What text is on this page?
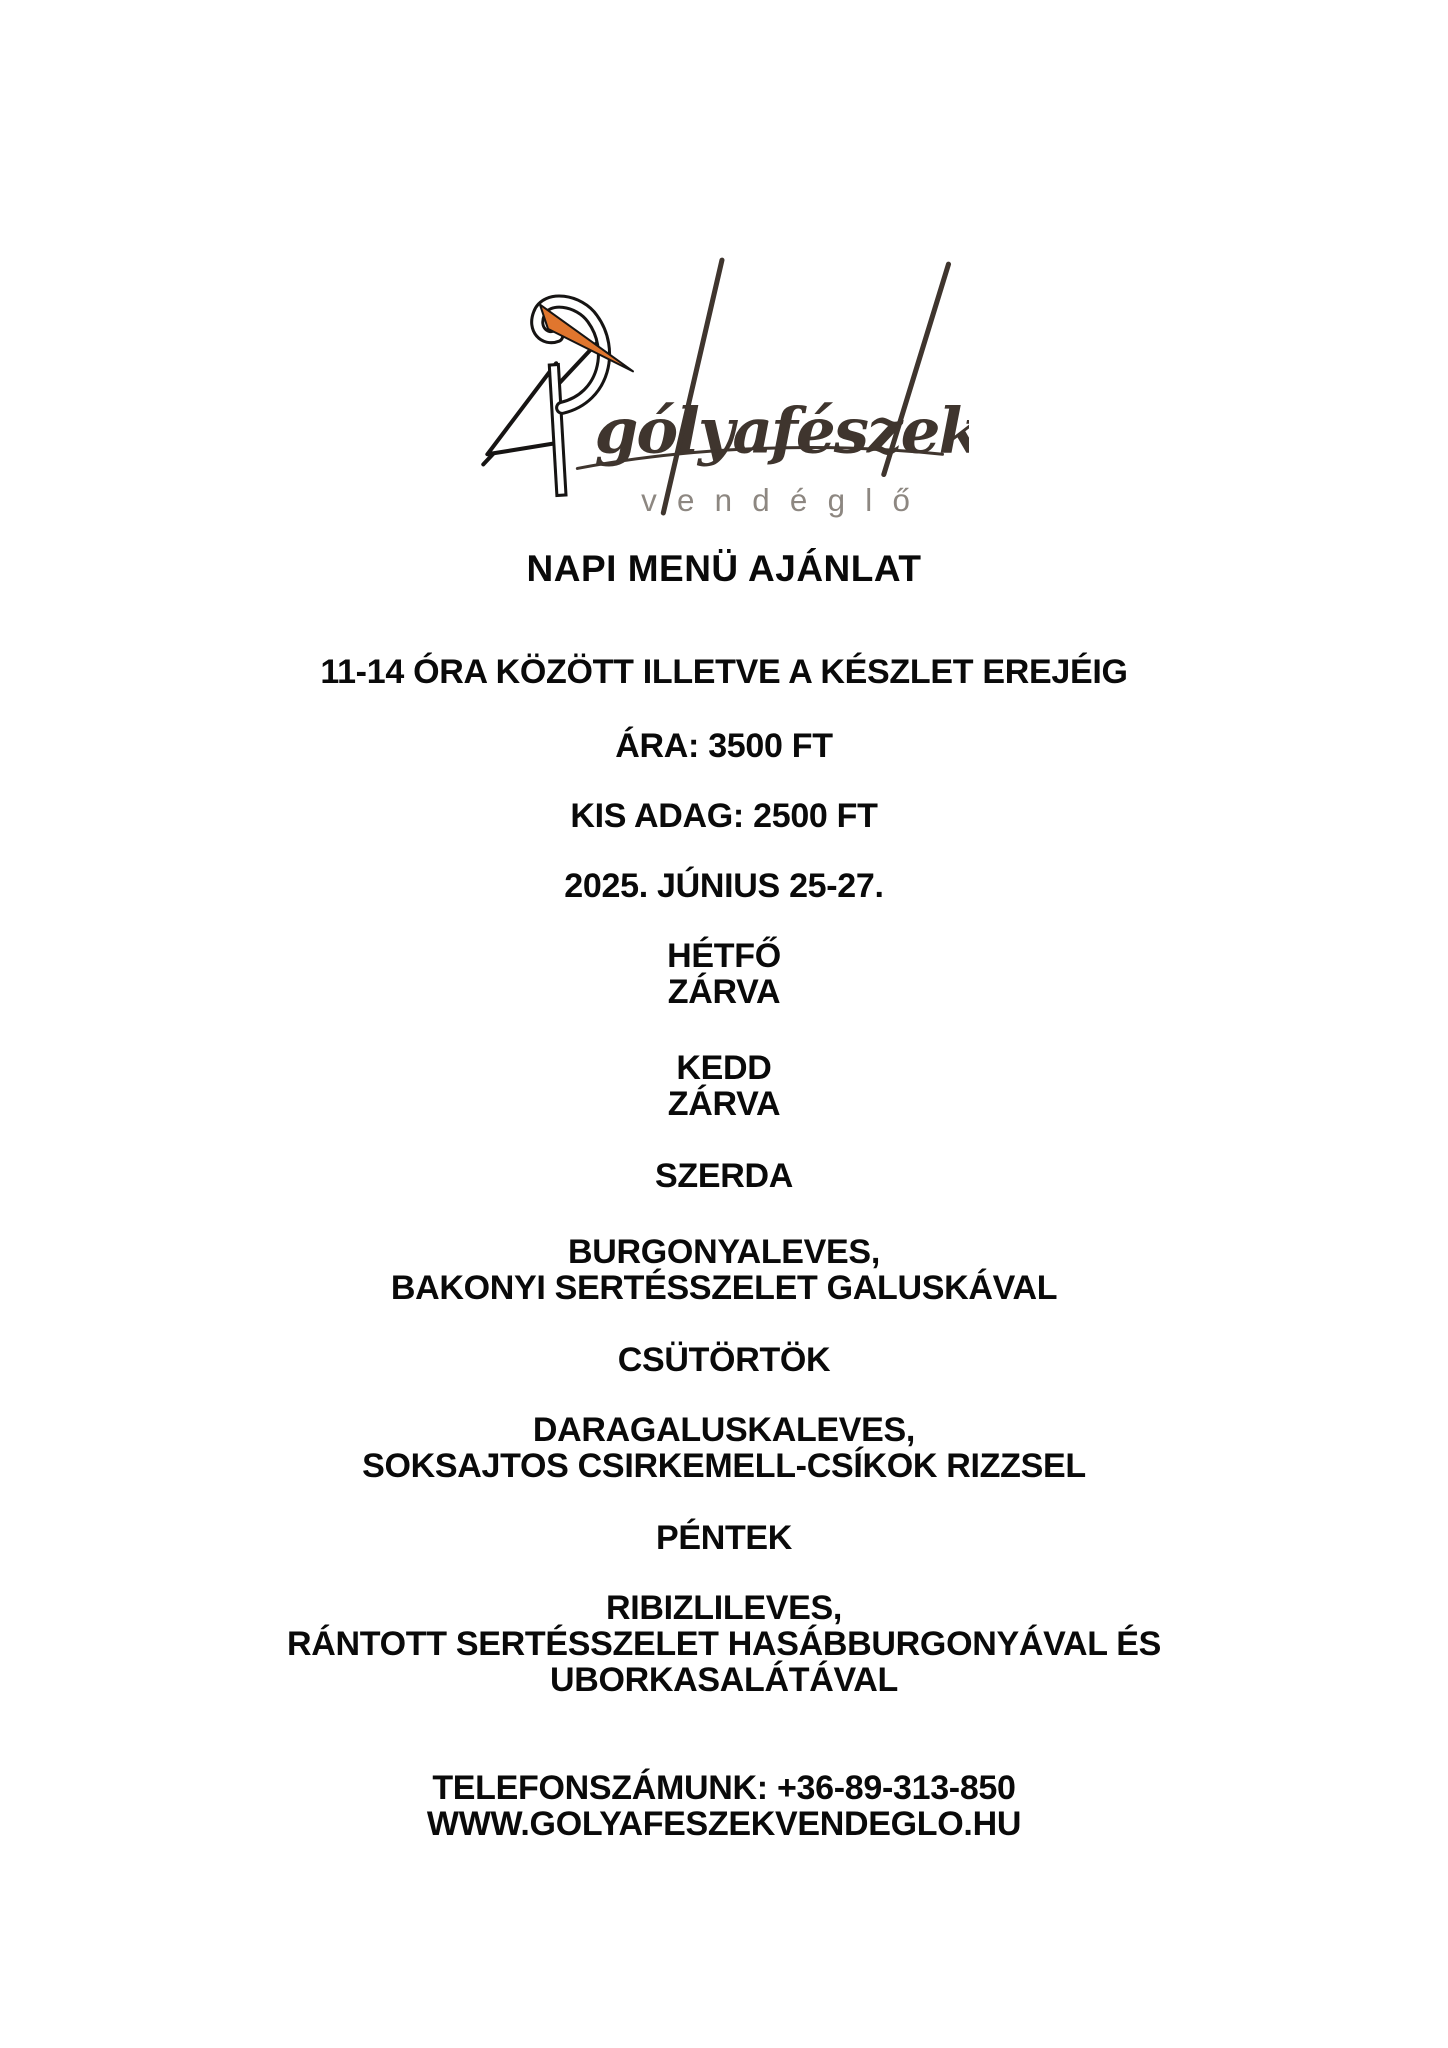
gólyafészek
vendéglő
NAPI MENÜ AJÁNLAT
11-14 ÓRA KÖZÖTT ILLETVE A KÉSZLET EREJÉIG
ÁRA: 3500 FT
KIS ADAG: 2500 FT
2025. JÚNIUS 25-27.
HÉTFŐ
ZÁRVA
KEDD
ZÁRVA
SZERDA
BURGONYALEVES,
BAKONYI SERTÉSSZELET GALUSKÁVAL
CSÜTÖRTÖK
DARAGALUSKALEVES,
SOKSAJTOS CSIRKEMELL-CSÍKOK RIZZSEL
PÉNTEK
RIBIZLILEVES,
RÁNTOTT SERTÉSSZELET HASÁBBURGONYÁVAL ÉS
UBORKASALÁTÁVAL
TELEFONSZÁMUNK: +36-89-313-850
WWW.GOLYAFESZEKVENDEGLO.HU
